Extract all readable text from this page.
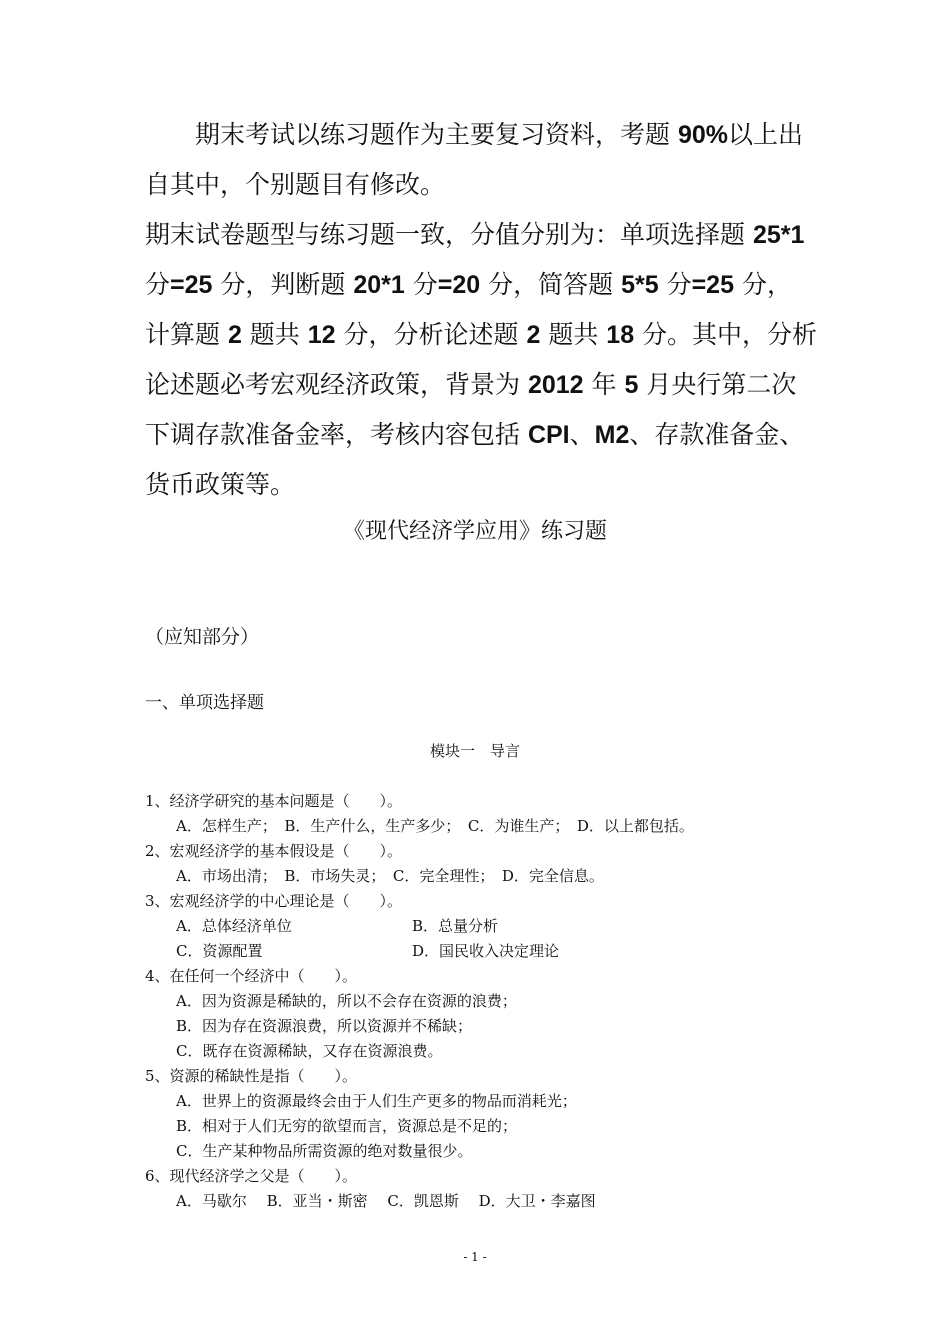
　　期末考试以练习题作为主要复习资料，考题 90%以上出
自其中，个别题目有修改。
期末试卷题型与练习题一致，分值分别为：单项选择题 25*1
分=25 分，判断题 20*1 分=20 分，简答题 5*5 分=25 分，
计算题 2 题共 12 分，分析论述题 2 题共 18 分。其中，分析
论述题必考宏观经济政策，背景为 2012 年 5 月央行第二次
下调存款准备金率，考核内容包括 CPI、M2、存款准备金、
货币政策等。
《现代经济学应用》练习题
（应知部分）
一、单项选择题
模块一　导言
1、经济学研究的基本问题是（　　）。
A．怎样生产；　B．生产什么，生产多少；　C．为谁生产；　D．以上都包括。
2、宏观经济学的基本假设是（　　）。
A．市场出清；　B．市场失灵；　C．完全理性；　D．完全信息。
3、宏观经济学的中心理论是（　　）。
A．总体经济单位	B．总量分析
C．资源配置	D．国民收入决定理论
4、在任何一个经济中（　　）。
A．因为资源是稀缺的，所以不会存在资源的浪费；
B．因为存在资源浪费，所以资源并不稀缺；
C．既存在资源稀缺，又存在资源浪费。
5、资源的稀缺性是指（　　）。
A．世界上的资源最终会由于人们生产更多的物品而消耗光；
B．相对于人们无穷的欲望而言，资源总是不足的；
C．生产某种物品所需资源的绝对数量很少。
6、现代经济学之父是（　　）。
A．马歇尔　 B．亚当・斯密　 C．凯恩斯　 D．大卫・李嘉图
- 1 -
